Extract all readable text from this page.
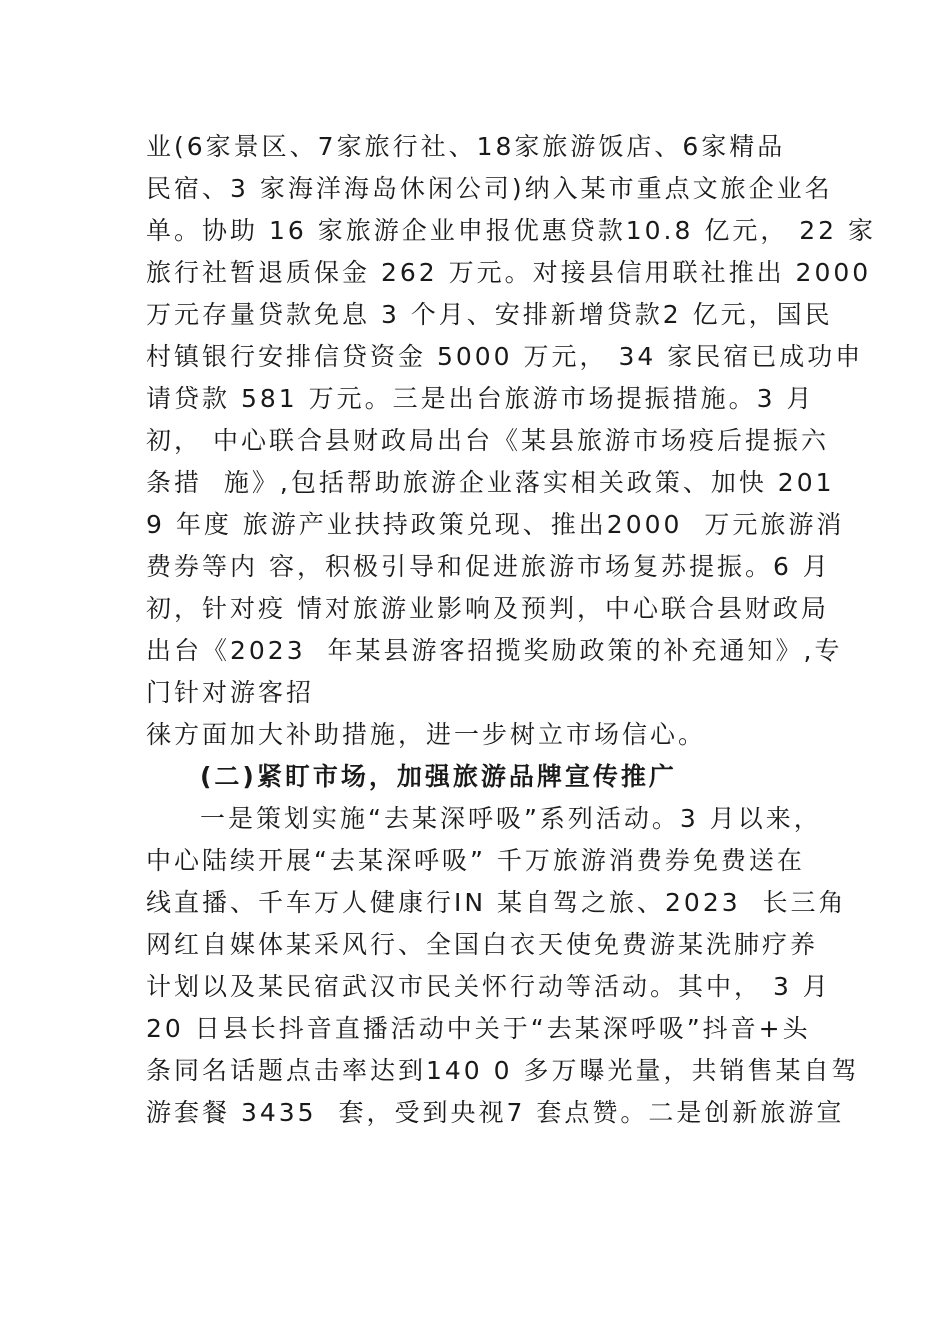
业(6家景区、7家旅行社、18家旅游饭店、6家精品
民宿、3 家海洋海岛休闲公司)纳入某市重点文旅企业名
单。协助 16 家旅游企业申报优惠贷款10.8 亿元， 22 家
旅行社暂退质保金 262 万元。对接县信用联社推出 2000
万元存量贷款免息 3 个月、安排新增贷款2 亿元，国民
村镇银行安排信贷资金 5000 万元， 34 家民宿已成功申
请贷款 581 万元。三是出台旅游市场提振措施。3 月
初， 中心联合县财政局出台《某县旅游市场疫后提振六
条措  施》,包括帮助旅游企业落实相关政策、加快 201
9 年度 旅游产业扶持政策兑现、推出2000  万元旅游消
费券等内 容，积极引导和促进旅游市场复苏提振。6 月
初，针对疫 情对旅游业影响及预判，中心联合县财政局
出台《2023  年某县游客招揽奖励政策的补充通知》,专
门针对游客招
徕方面加大补助措施，进一步树立市场信心。
(二)紧盯市场，加强旅游品牌宣传推广
一是策划实施“去某深呼吸”系列活动。3 月以来，
中心陆续开展“去某深呼吸” 千万旅游消费券免费送在
线直播、千车万人健康行IN 某自驾之旅、2023  长三角
网红自媒体某采风行、全国白衣天使免费游某洗肺疗养
计划以及某民宿武汉市民关怀行动等活动。其中， 3 月
20 日县长抖音直播活动中关于“去某深呼吸”抖音+头
条同名话题点击率达到140 0 多万曝光量，共销售某自驾
游套餐 3435  套，受到央视7 套点赞。二是创新旅游宣
